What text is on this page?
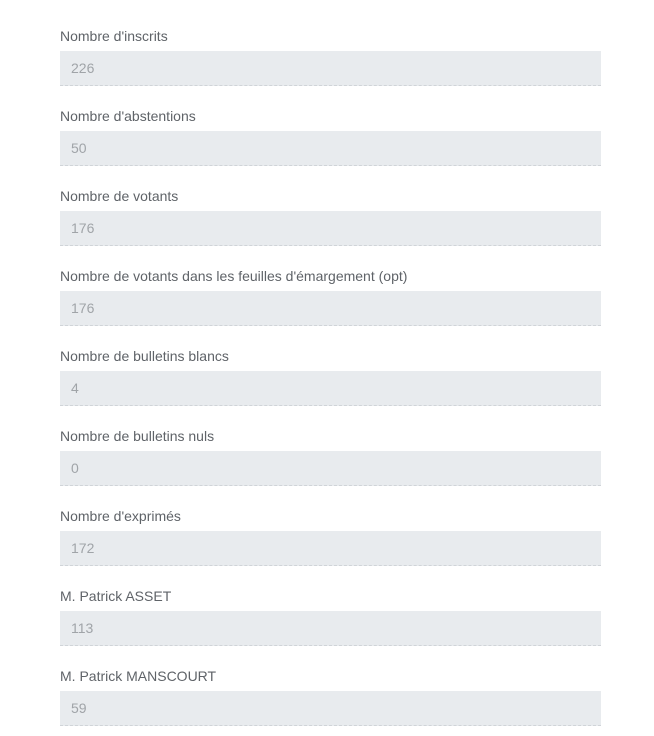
Nombre d'inscrits
226
Nombre d'abstentions
50
Nombre de votants
176
Nombre de votants dans les feuilles d'émargement (opt)
176
Nombre de bulletins blancs
4
Nombre de bulletins nuls
0
Nombre d'exprimés
172
M. Patrick ASSET
113
M. Patrick MANSCOURT
59
